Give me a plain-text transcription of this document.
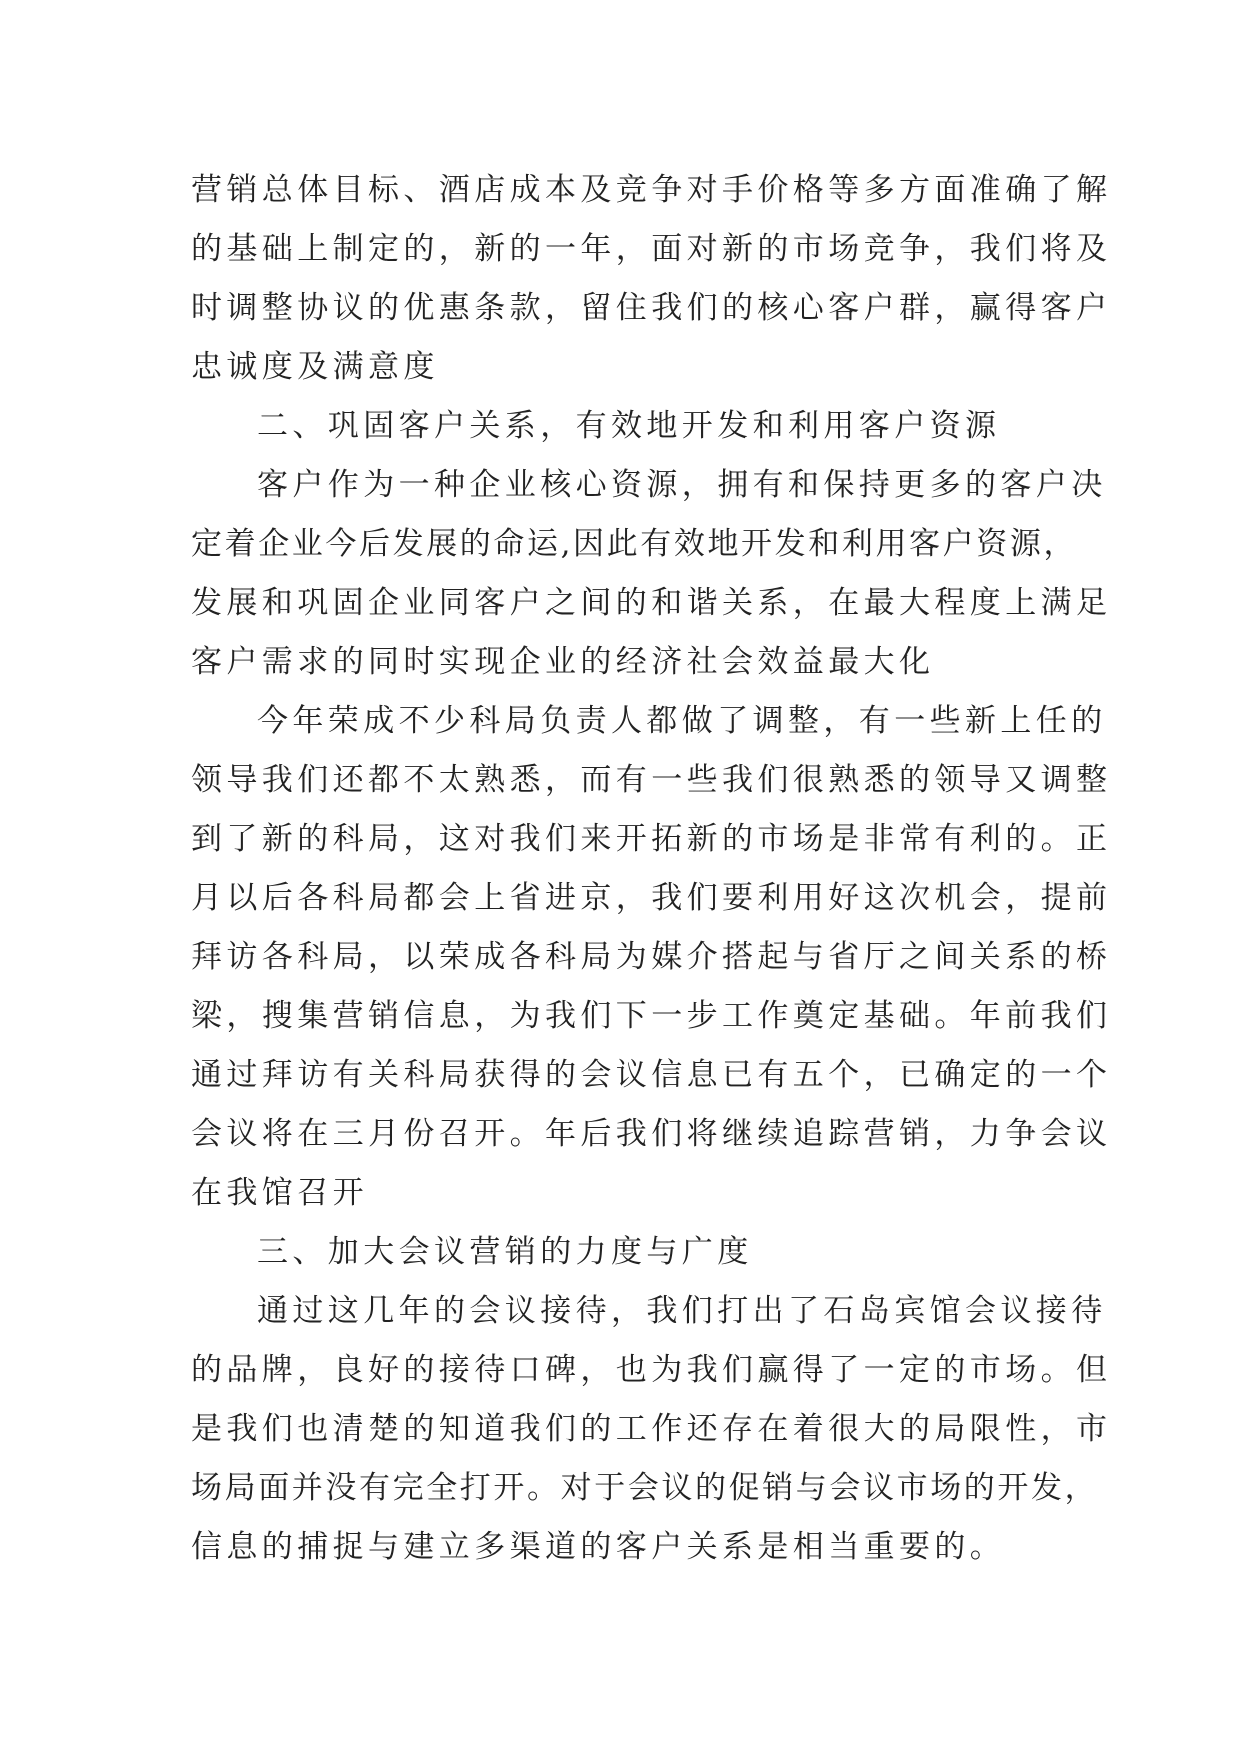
营销总体目标、酒店成本及竞争对手价格等多方面准确了解
的基础上制定的，新的一年，面对新的市场竞争，我们将及
时调整协议的优惠条款，留住我们的核心客户群，赢得客户
忠诚度及满意度
二、巩固客户关系，有效地开发和利用客户资源
客户作为一种企业核心资源，拥有和保持更多的客户决
定着企业今后发展的命运,因此有效地开发和利用客户资源，
发展和巩固企业同客户之间的和谐关系，在最大程度上满足
客户需求的同时实现企业的经济社会效益最大化
今年荣成不少科局负责人都做了调整，有一些新上任的
领导我们还都不太熟悉，而有一些我们很熟悉的领导又调整
到了新的科局，这对我们来开拓新的市场是非常有利的。正
月以后各科局都会上省进京，我们要利用好这次机会，提前
拜访各科局，以荣成各科局为媒介搭起与省厅之间关系的桥
梁，搜集营销信息，为我们下一步工作奠定基础。年前我们
通过拜访有关科局获得的会议信息已有五个，已确定的一个
会议将在三月份召开。年后我们将继续追踪营销，力争会议
在我馆召开
三、加大会议营销的力度与广度
通过这几年的会议接待，我们打出了石岛宾馆会议接待
的品牌，良好的接待口碑，也为我们赢得了一定的市场。但
是我们也清楚的知道我们的工作还存在着很大的局限性，市
场局面并没有完全打开。对于会议的促销与会议市场的开发，
信息的捕捉与建立多渠道的客户关系是相当重要的。
